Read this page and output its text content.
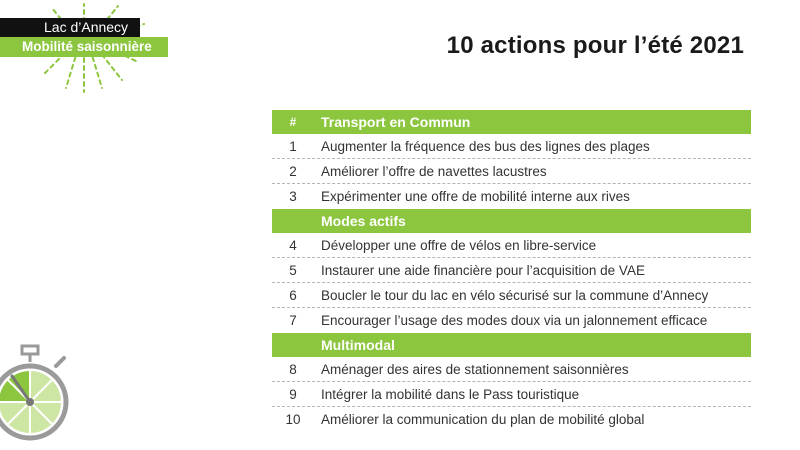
Lac d’Annecy
Mobilité saisonnière	10 actions pour l’été 2021
#	Transport en Commun
1	Augmenter la fréquence des bus des lignes des plages
2	Améliorer l’offre de navettes lacustres
3	Expérimenter une offre de mobilité interne aux rives
Modes actifs
4	Développer une offre de vélos en libre-service
5	Instaurer une aide financière pour l’acquisition de VAE
6	Boucler le tour du lac en vélo sécurisé sur la commune d’Annecy
7	Encourager l’usage des modes doux via un jalonnement efficace
Multimodal
8	Aménager des aires de stationnement saisonnières
9	Intégrer la mobilité dans le Pass touristique
10	Améliorer la communication du plan de mobilité global
